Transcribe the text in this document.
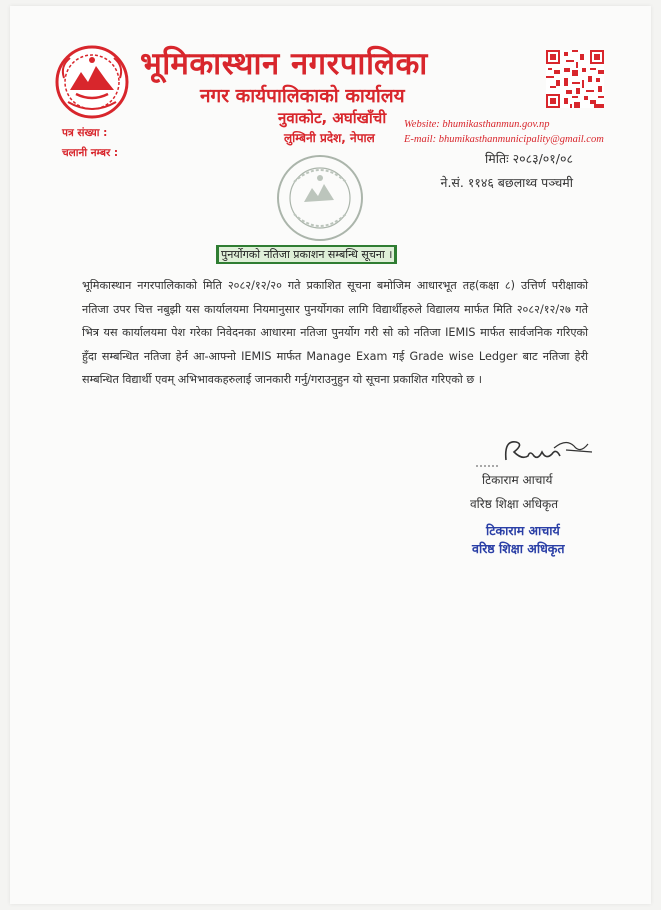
भूमिकास्थान नगरपालिका
नगर कार्यपालिकाको कार्यालय
नुवाकोट, अर्घाखाँची
लुम्बिनी प्रदेश, नेपाल
Website: bhumikasthanmun.gov.np
E-mail: bhumikasthanmunicipality@gmail.com
पत्र संख्या :
चलानी नम्बर :	मितिः २०८३/०१/०८
ने.सं. ११४६ बछलाथ्व पञ्चमी
पुनर्योगको नतिजा प्रकाशन सम्बन्धि सूचना ।
भूमिकास्थान नगरपालिकाको मिति २०८२/१२/२० गते प्रकाशित सूचना बमोजिम आधारभूत तह(कक्षा ८) उत्तिर्ण परीक्षाको नतिजा उपर चित्त नबुझी यस कार्यालयमा नियमानुसार पुनर्योगका लागि विद्यार्थीहरुले विद्यालय मार्फत मिति २०८२/१२/२७ गते भित्र यस कार्यालयमा पेश गरेका निवेदनका आधारमा नतिजा पुनर्योग गरी सो को नतिजा IEMIS मार्फत सार्वजनिक गरिएको हुँदा सम्बन्धित नतिजा हेर्न आ-आफ्नो IEMIS मार्फत Manage Exam गई Grade wise Ledger बाट नतिजा हेरी सम्बन्धित विद्यार्थी एवम् अभिभावकहरुलाई जानकारी गर्नु/गराउनुहुन यो सूचना प्रकाशित गरिएको छ ।
टिकाराम आचार्य
वरिष्ठ शिक्षा अधिकृत
टिकाराम आचार्य
वरिष्ठ शिक्षा अधिकृत
